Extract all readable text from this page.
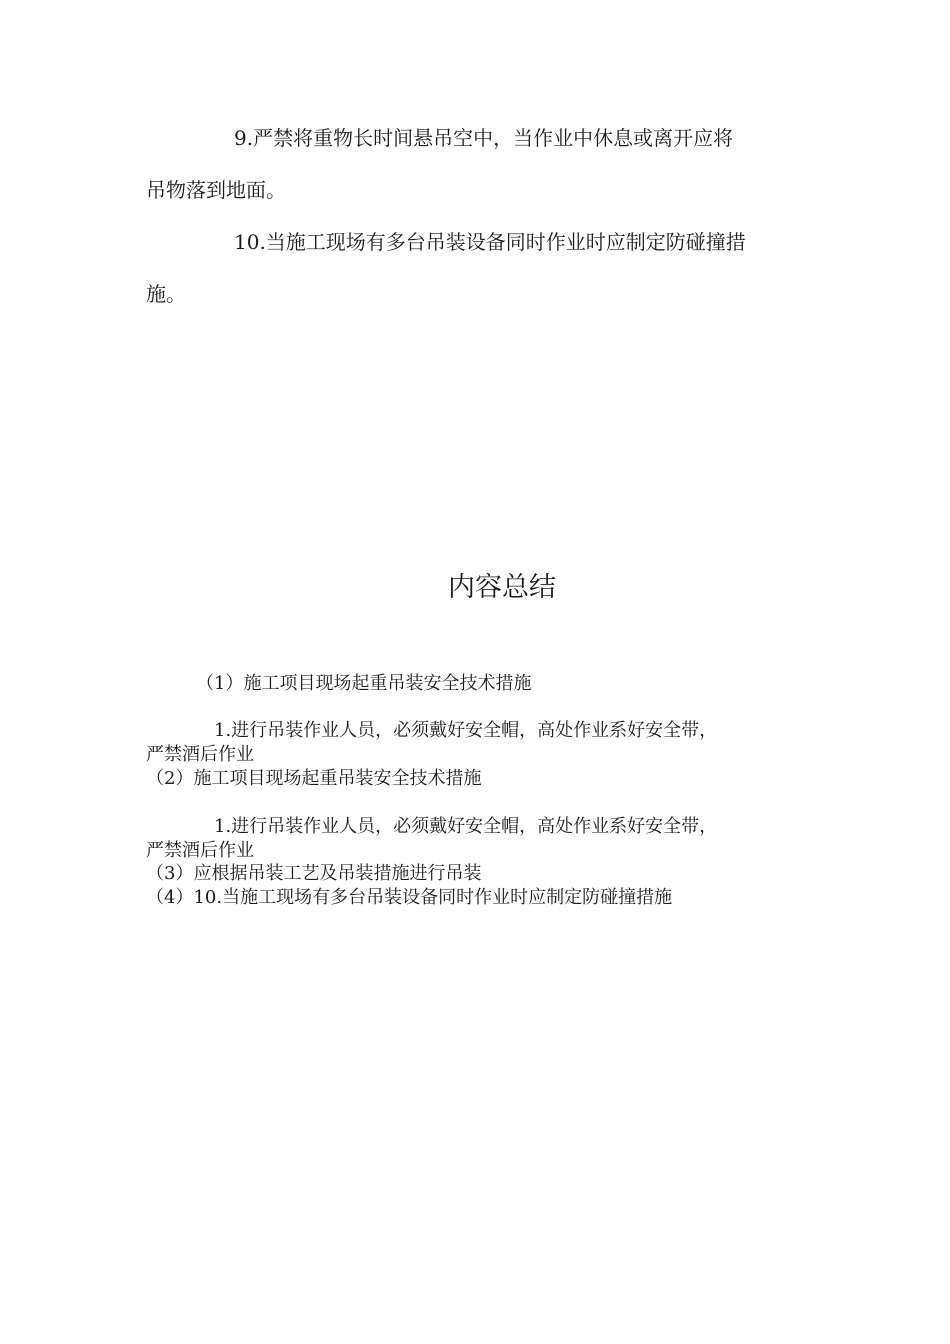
9.严禁将重物长时间悬吊空中，当作业中休息或离开应将
吊物落到地面。
10.当施工现场有多台吊装设备同时作业时应制定防碰撞措
施。
内容总结
（1）施工项目现场起重吊装安全技术措施
1.进行吊装作业人员，必须戴好安全帽，高处作业系好安全带，
严禁酒后作业
（2）施工项目现场起重吊装安全技术措施
1.进行吊装作业人员，必须戴好安全帽，高处作业系好安全带，
严禁酒后作业
（3）应根据吊装工艺及吊装措施进行吊装
（4）10.当施工现场有多台吊装设备同时作业时应制定防碰撞措施
